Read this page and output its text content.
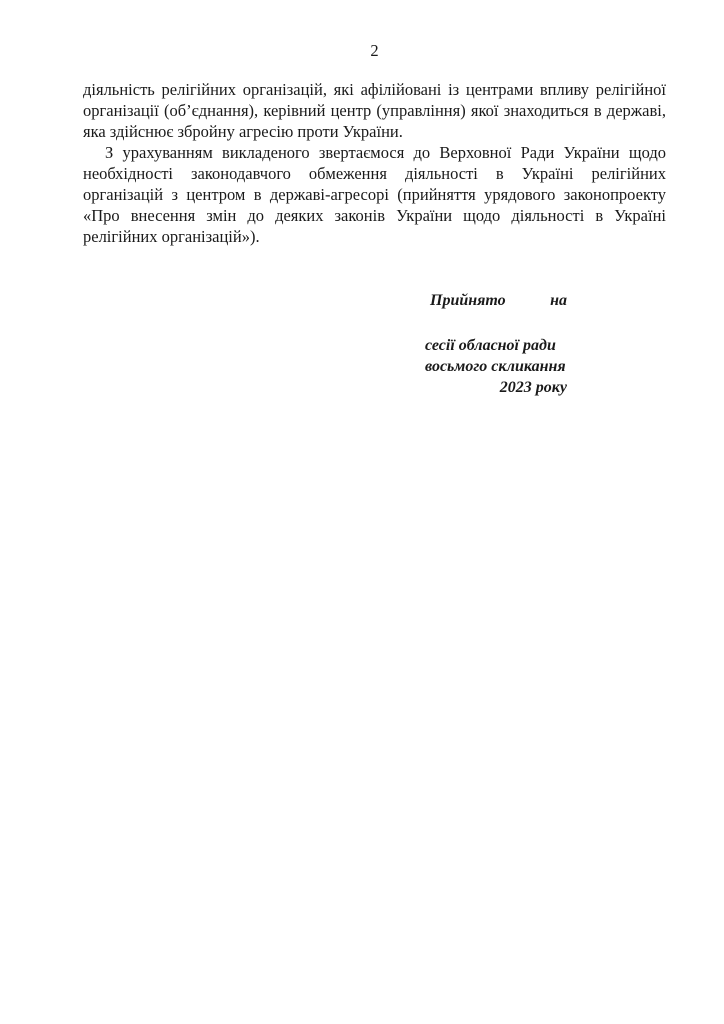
2
діяльність релігійних організацій, які афілійовані із центрами впливу релігійної
організації (об’єднання), керівний центр (управління) якої знаходиться в державі,
яка здійснює збройну агресію проти України.
З урахуванням викладеного звертаємося до Верховної Ради України щодо
необхідності законодавчого обмеження діяльності в Україні релігійних
організацій з центром в державі-агресорі (прийняття урядового законопроекту
«Про внесення змін до деяких законів України щодо діяльності в Україні
релігійних організацій»).
Прийнято	на
сесії обласної ради
восьмого скликання
2023 року
